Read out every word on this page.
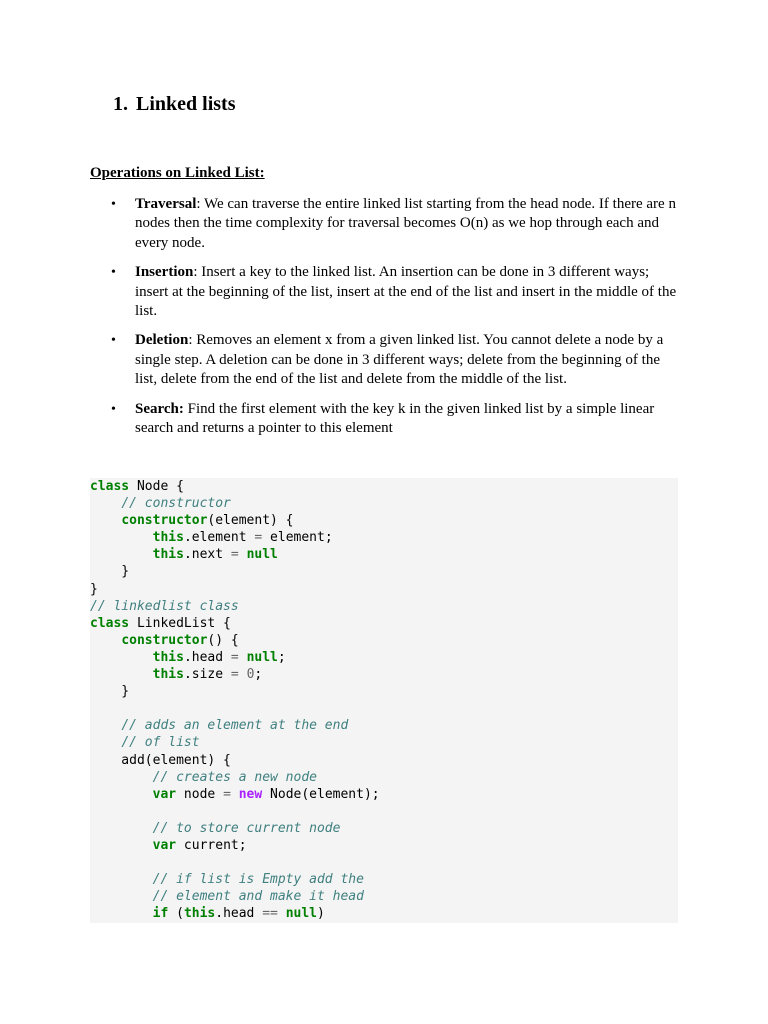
1. Linked lists

Operations on Linked List:

• Traversal: We can traverse the entire linked list starting from the head node. If there are n nodes then the time complexity for traversal becomes O(n) as we hop through each and every node.
• Insertion: Insert a key to the linked list. An insertion can be done in 3 different ways; insert at the beginning of the list, insert at the end of the list and insert in the middle of the list.
• Deletion: Removes an element x from a given linked list. You cannot delete a node by a single step. A deletion can be done in 3 different ways; delete from the beginning of the list, delete from the end of the list and delete from the middle of the list.
• Search: Find the first element with the key k in the given linked list by a simple linear search and returns a pointer to this element
class Node {
// constructor
constructor(element) {
this.element = element;
this.next = null
}
}
// linkedlist class
class LinkedList {
constructor() {
this.head = null;
this.size = 0;
}

// adds an element at the end
// of list
add(element) {
// creates a new node
var node = new Node(element);

// to store current node
var current;

// if list is Empty add the
// element and make it head
if (this.head == null)
